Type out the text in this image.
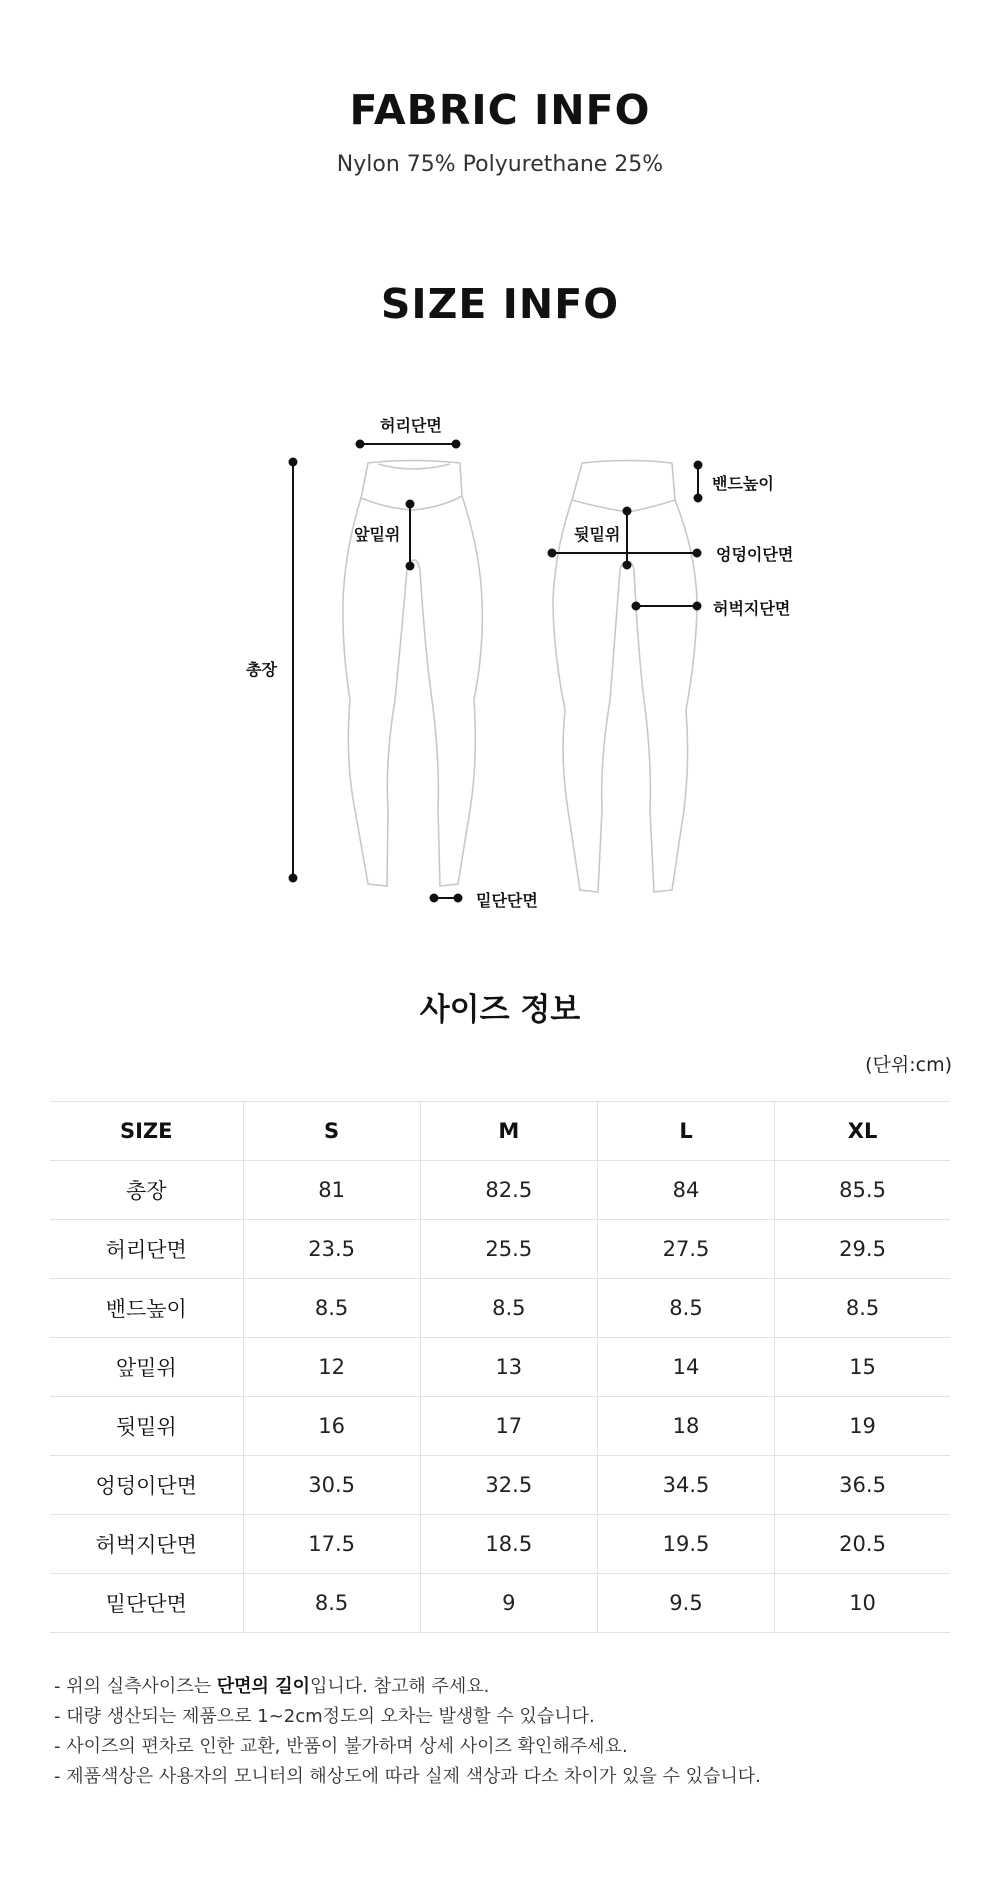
FABRIC INFO
Nylon 75% Polyurethane 25%
SIZE INFO
허리단면
앞밑위
총장
밑단단면
밴드높이
뒷밑위
엉덩이단면
허벅지단면
사이즈 정보
(단위:cm)
SIZE	S	M	L	XL
총장	81	82.5	84	85.5
허리단면	23.5	25.5	27.5	29.5
밴드높이	8.5	8.5	8.5	8.5
앞밑위	12	13	14	15
뒷밑위	16	17	18	19
엉덩이단면	30.5	32.5	34.5	36.5
허벅지단면	17.5	18.5	19.5	20.5
밑단단면	8.5	9	9.5	10
- 위의 실측사이즈는 단면의 길이입니다. 참고해 주세요.
- 대량 생산되는 제품으로 1~2cm정도의 오차는 발생할 수 있습니다.
- 사이즈의 편차로 인한 교환, 반품이 불가하며 상세 사이즈 확인해주세요.
- 제품색상은 사용자의 모니터의 해상도에 따라 실제 색상과 다소 차이가 있을 수 있습니다.
